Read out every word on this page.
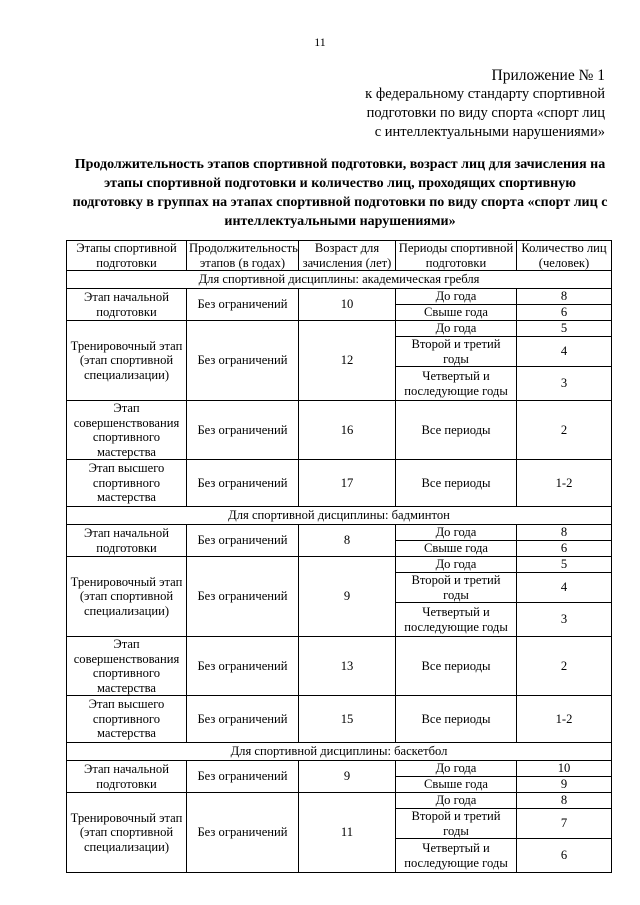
11
Приложение № 1
к федеральному стандарту спортивной
подготовки по виду спорта «спорт лиц
с интеллектуальными нарушениями»
Продолжительность этапов спортивной подготовки, возраст лиц для зачисления на этапы спортивной подготовки и количество лиц, проходящих спортивную подготовку в группах на этапах спортивной подготовки по виду спорта «спорт лиц с интеллектуальными нарушениями»
Этапы спортивной подготовки	Продолжительность этапов (в годах)	Возраст для зачисления (лет)	Периоды спортивной подготовки	Количество лиц (человек)
Для спортивной дисциплины: академическая гребля				
Этап начальной подготовки	Без ограничений	10	До года	8
			Свыше года	6
Тренировочный этап (этап спортивной специализации)	Без ограничений	12	До года	5
			Второй и третий годы	4
			Четвертый и последующие годы	3
Этап совершенствования спортивного мастерства	Без ограничений	16	Все периоды	2
Этап высшего спортивного мастерства	Без ограничений	17	Все периоды	1-2
Для спортивной дисциплины: бадминтон				
Этап начальной подготовки	Без ограничений	8	До года	8
			Свыше года	6
Тренировочный этап (этап спортивной специализации)	Без ограничений	9	До года	5
			Второй и третий годы	4
			Четвертый и последующие годы	3
Этап совершенствования спортивного мастерства	Без ограничений	13	Все периоды	2
Этап высшего спортивного мастерства	Без ограничений	15	Все периоды	1-2
Для спортивной дисциплины: баскетбол				
Этап начальной подготовки	Без ограничений	9	До года	10
			Свыше года	9
Тренировочный этап (этап спортивной специализации)	Без ограничений	11	До года	8
			Второй и третий годы	7
			Четвертый и последующие годы	6
